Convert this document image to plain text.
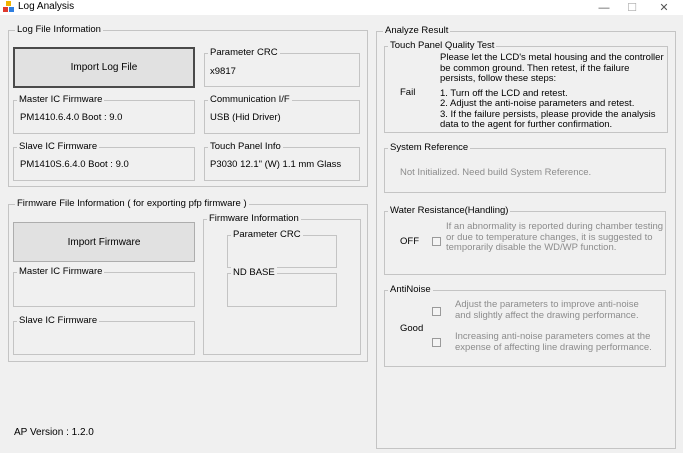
Log Analysis	— ☐ ✕
Log File Information
Import Log File
Parameter CRC
x9817
Master IC Firmware
PM1410.6.4.0 Boot : 9.0
Communication I/F
USB (Hid Driver)
Slave IC Firmware
PM1410S.6.4.0 Boot : 9.0
Touch Panel Info
P3030 12.1" (W) 1.1 mm Glass
Firmware File Information ( for exporting pfp firmware )
Import Firmware
Master IC Firmware
Slave IC Firmware
Firmware Information
Parameter CRC
ND BASE
AP Version : 1.2.0
Analyze Result
Touch Panel Quality Test
Fail
Please let the LCD's metal housing and the controller
be common ground. Then retest, if the failure
persists, follow these steps:
1. Turn off the LCD and retest.
2. Adjust the anti-noise parameters and retest.
3. If the failure persists, please provide the analysis
data to the agent for further confirmation.
System Reference
Not Initialized. Need build System Reference.
Water Resistance(Handling)
OFF
If an abnormality is reported during chamber testing
or due to temperature changes, it is suggested to
temporarily disable the WD/WP function.
AntiNoise
Good
Adjust the parameters to improve anti-noise
and slightly affect the drawing performance.
Increasing anti-noise parameters comes at the
expense of affecting line drawing performance.
